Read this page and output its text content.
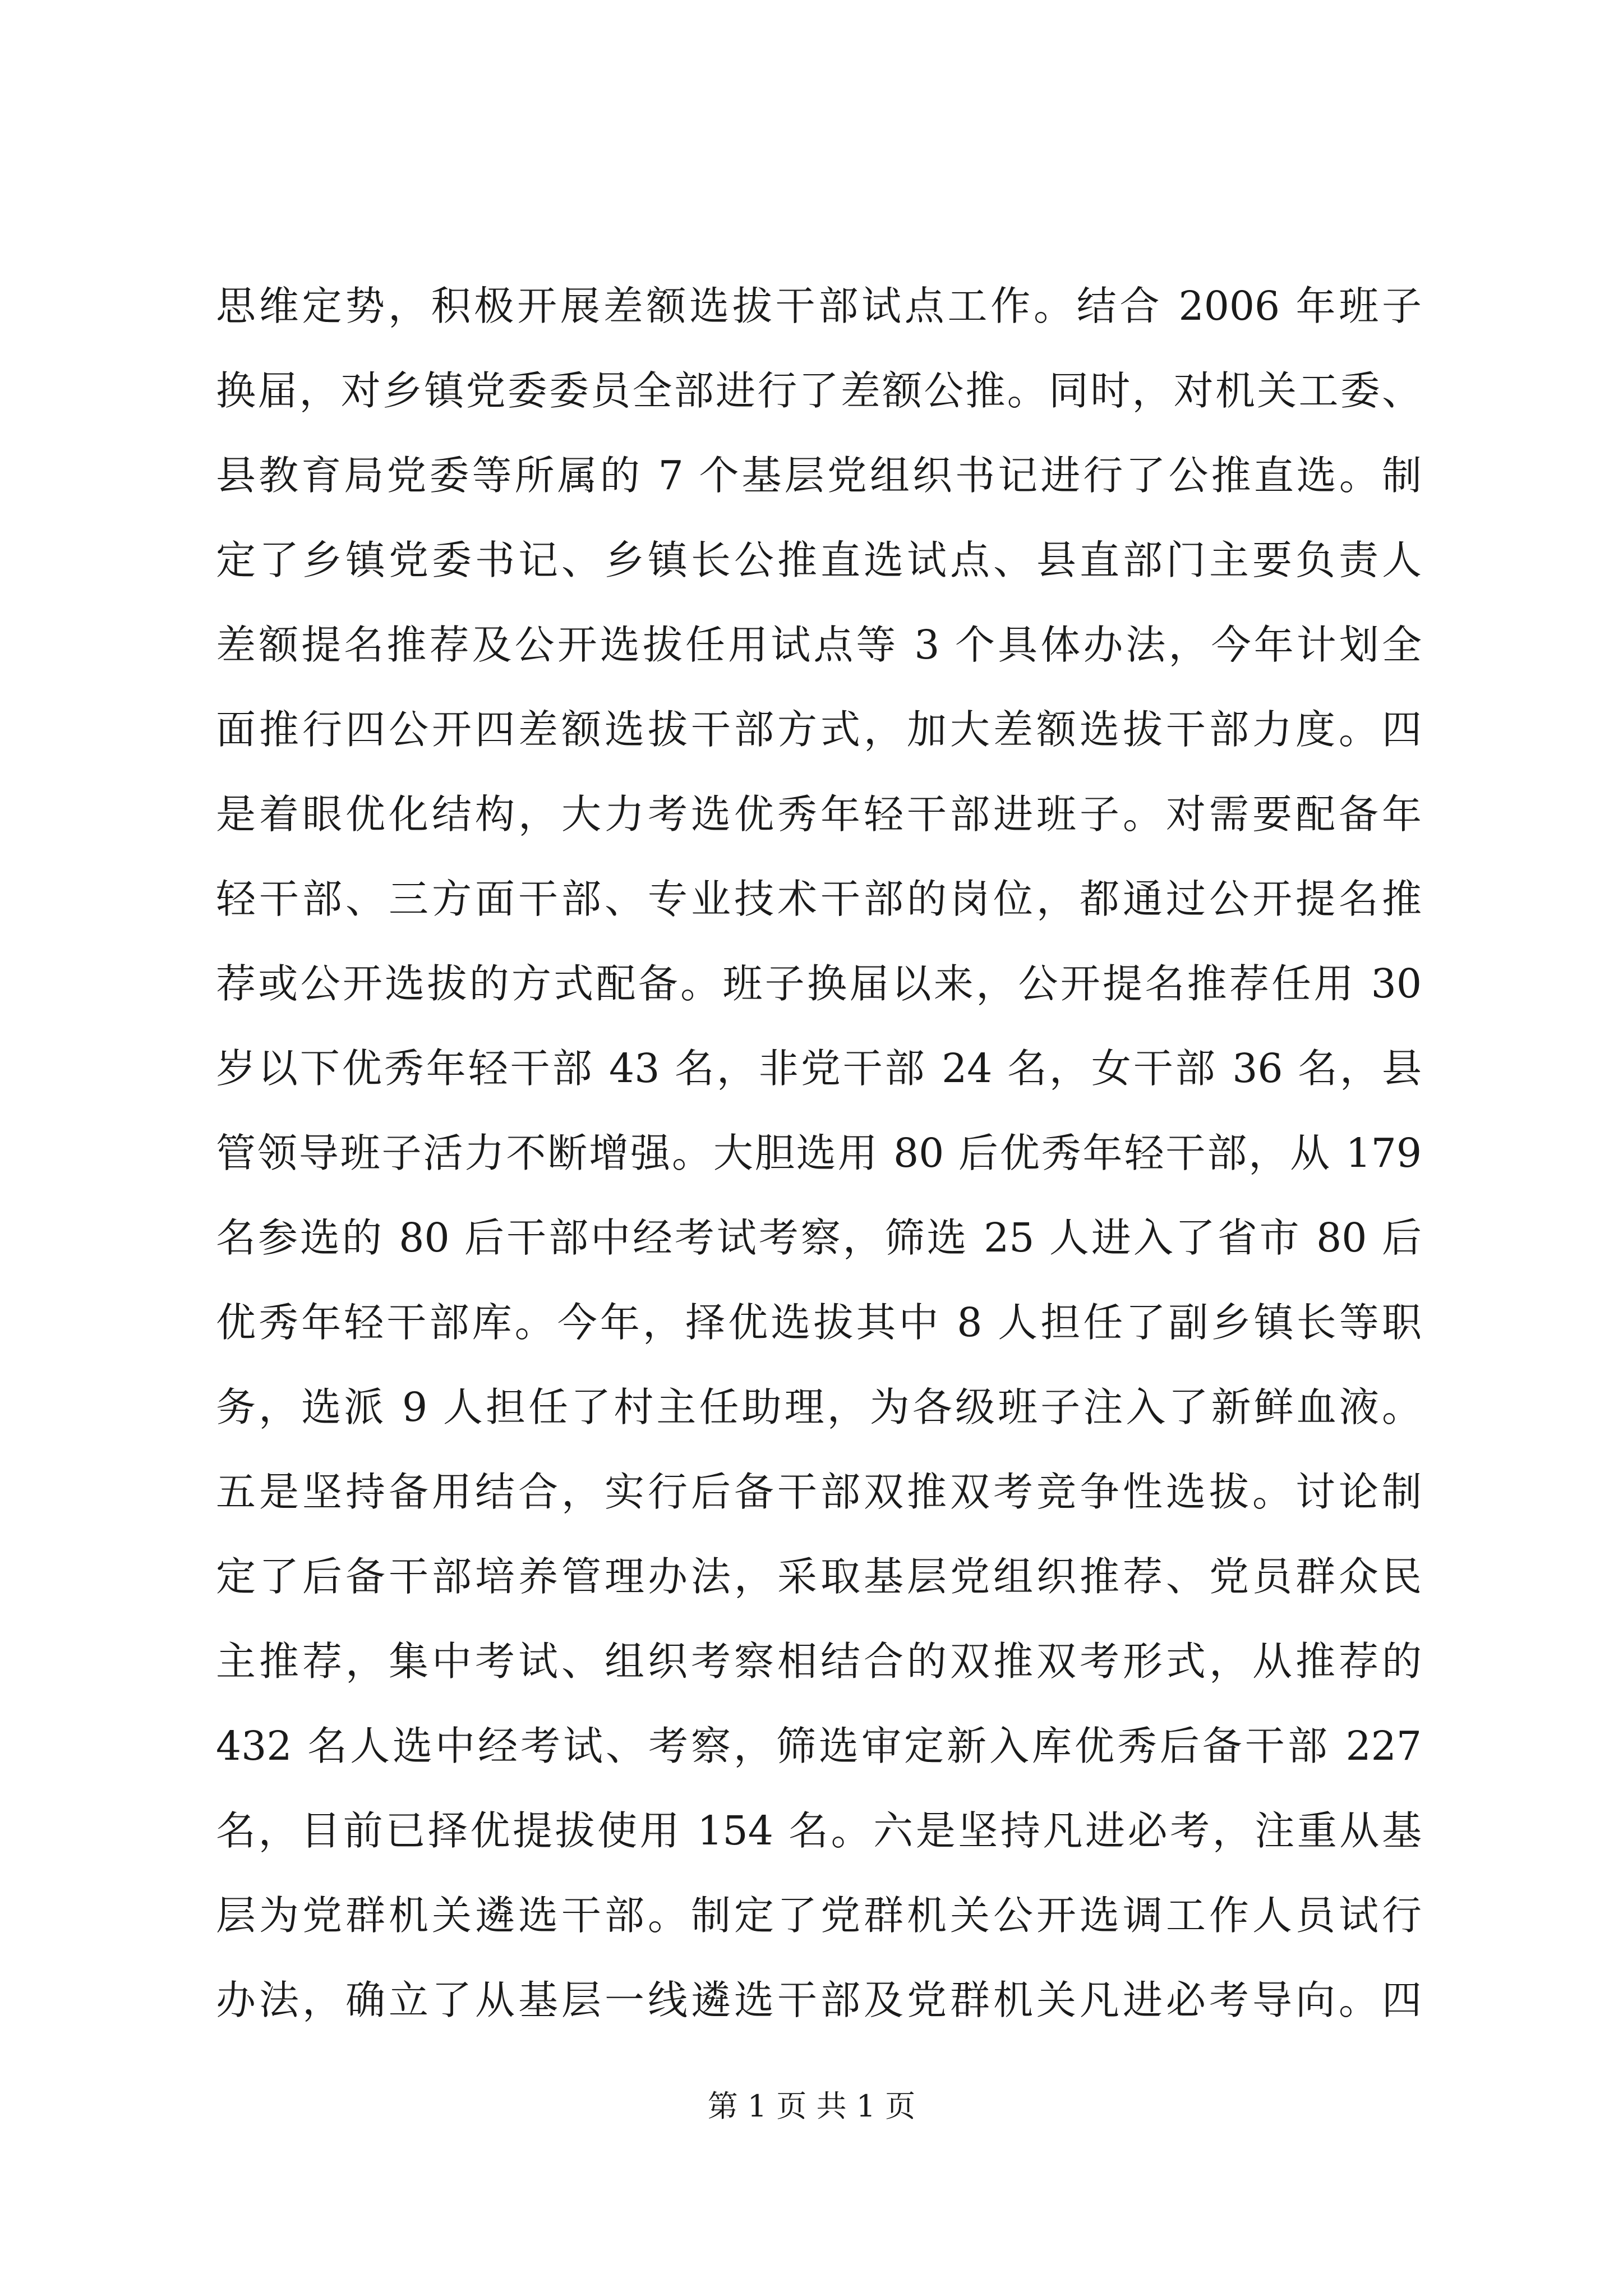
思维定势，积极开展差额选拔干部试点工作。结合 2006 年班子
换届，对乡镇党委委员全部进行了差额公推。同时，对机关工委、
县教育局党委等所属的 7 个基层党组织书记进行了公推直选。制
定了乡镇党委书记、乡镇长公推直选试点、县直部门主要负责人
差额提名推荐及公开选拔任用试点等 3 个具体办法，今年计划全
面推行四公开四差额选拔干部方式，加大差额选拔干部力度。四
是着眼优化结构，大力考选优秀年轻干部进班子。对需要配备年
轻干部、三方面干部、专业技术干部的岗位，都通过公开提名推
荐或公开选拔的方式配备。班子换届以来，公开提名推荐任用 30
岁以下优秀年轻干部 43 名，非党干部 24 名，女干部 36 名，县
管领导班子活力不断增强。大胆选用 80 后优秀年轻干部，从 179
名参选的 80 后干部中经考试考察，筛选 25 人进入了省市 80 后
优秀年轻干部库。今年，择优选拔其中 8 人担任了副乡镇长等职
务，选派 9 人担任了村主任助理，为各级班子注入了新鲜血液。
五是坚持备用结合，实行后备干部双推双考竞争性选拔。讨论制
定了后备干部培养管理办法，采取基层党组织推荐、党员群众民
主推荐，集中考试、组织考察相结合的双推双考形式，从推荐的
432 名人选中经考试、考察，筛选审定新入库优秀后备干部 227
名，目前已择优提拔使用 154 名。六是坚持凡进必考，注重从基
层为党群机关遴选干部。制定了党群机关公开选调工作人员试行
办法，确立了从基层一线遴选干部及党群机关凡进必考导向。四
第 1 页 共 1 页
